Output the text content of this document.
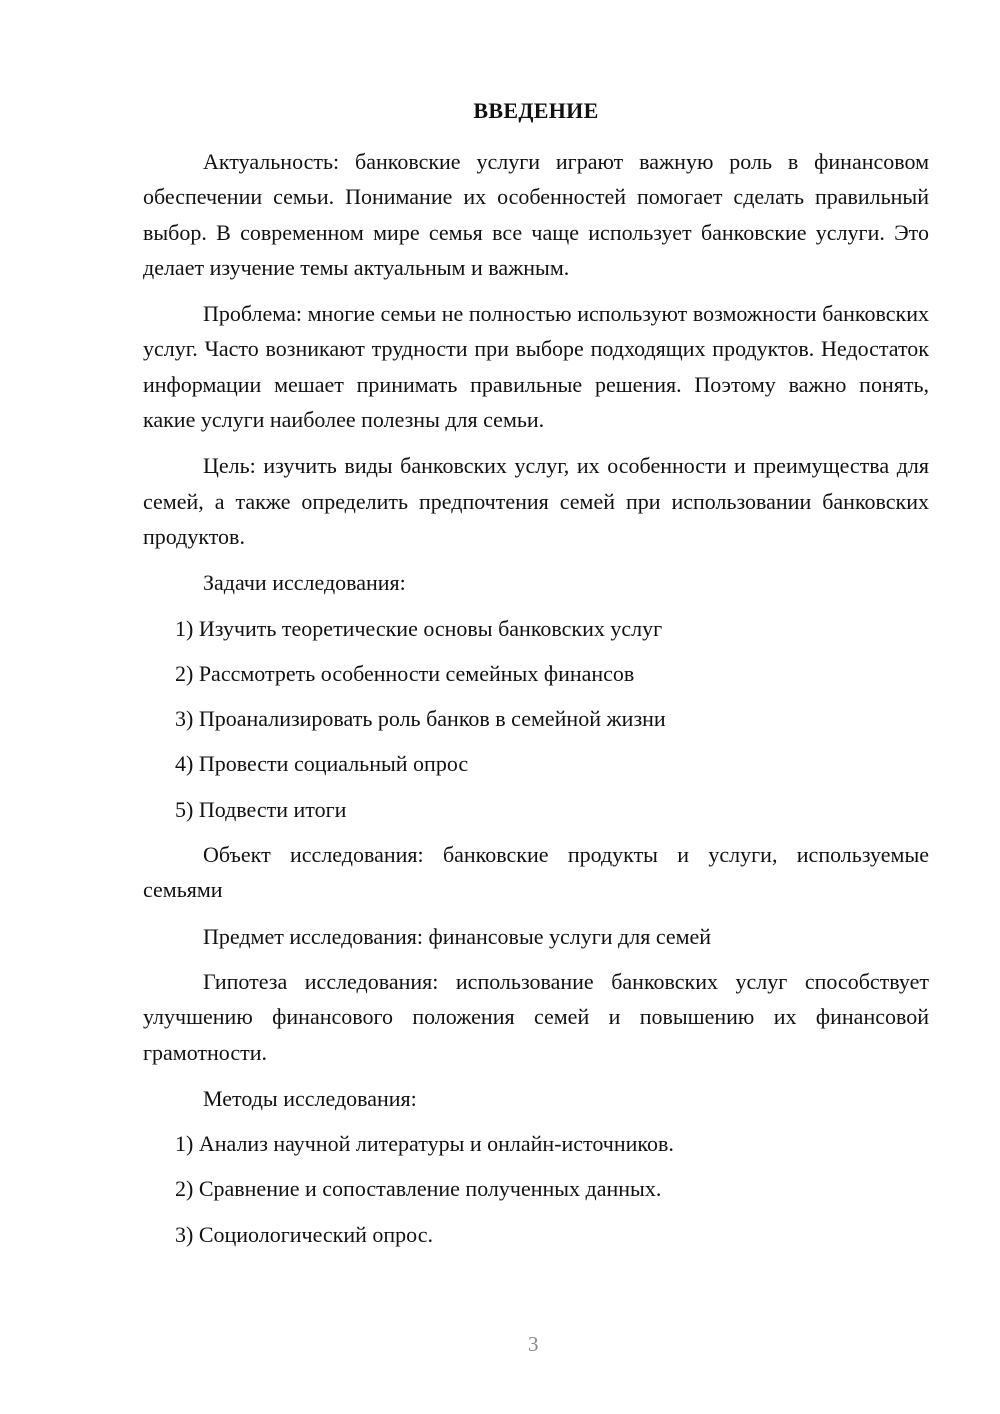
ВВЕДЕНИЕ

Актуальность: банковские услуги играют важную роль в финансовом обеспечении семьи. Понимание их особенностей помогает сделать правильный выбор. В современном мире семья все чаще использует банковские услуги. Это делает изучение темы актуальным и важным.

Проблема: многие семьи не полностью используют возможности банковских услуг. Часто возникают трудности при выборе подходящих продуктов. Недостаток информации мешает принимать правильные решения. Поэтому важно понять, какие услуги наиболее полезны для семьи.

Цель: изучить виды банковских услуг, их особенности и преимущества для семей, а также определить предпочтения семей при использовании банковских продуктов.

Задачи исследования:

1) Изучить теоретические основы банковских услуг
2) Рассмотреть особенности семейных финансов
3) Проанализировать роль банков в семейной жизни
4) Провести социальный опрос
5) Подвести итоги

Объект исследования: банковские продукты и услуги, используемые семьями

Предмет исследования: финансовые услуги для семей

Гипотеза исследования: использование банковских услуг способствует улучшению финансового положения семей и повышению их финансовой грамотности.

Методы исследования:

1) Анализ научной литературы и онлайн-источников.
2) Сравнение и сопоставление полученных данных.
3) Социологический опрос.
3
